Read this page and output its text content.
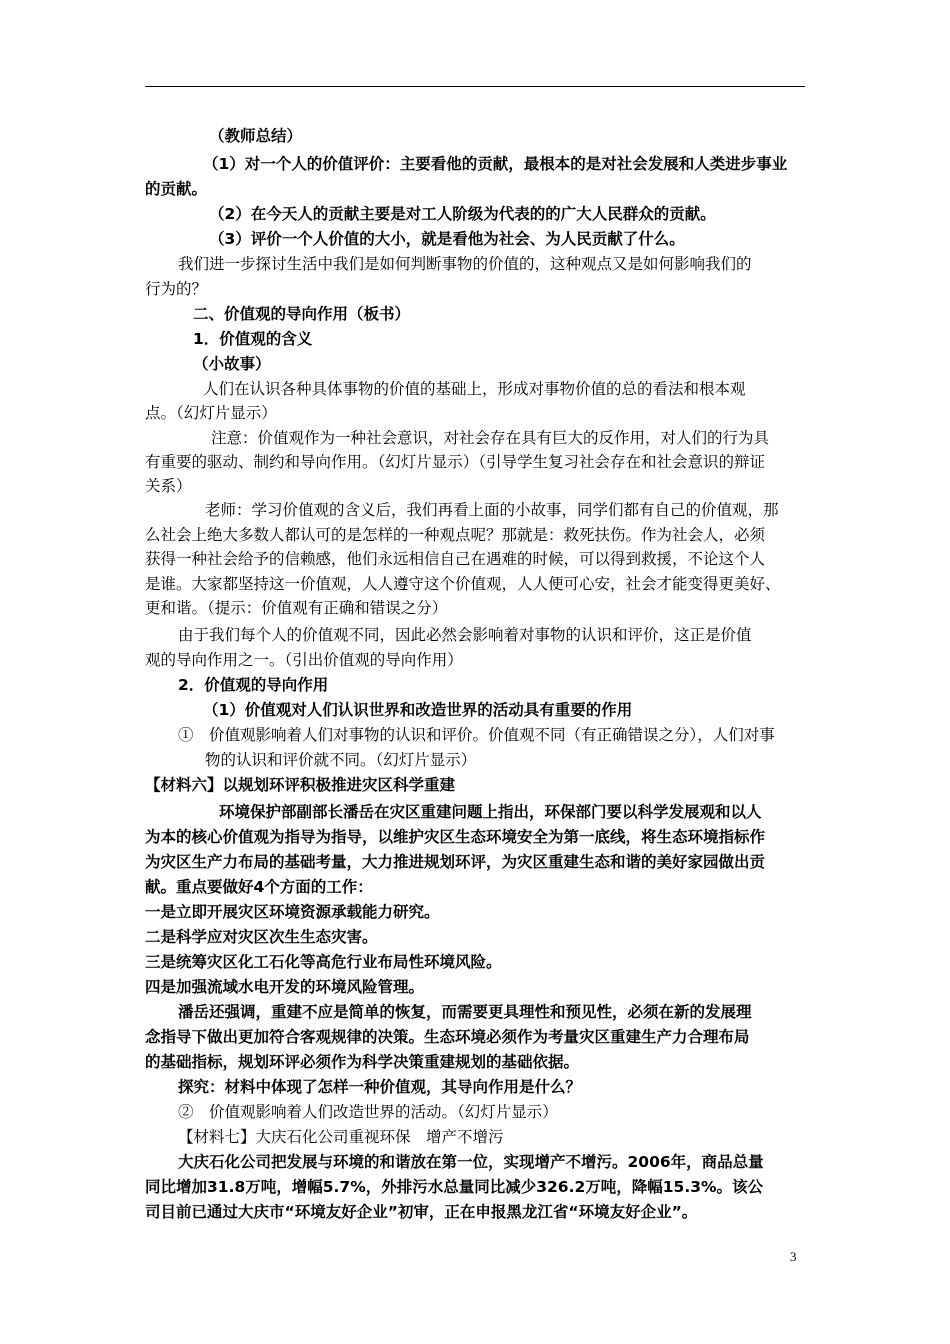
（教师总结）
（1）对一个人的价值评价：主要看他的贡献，最根本的是对社会发展和人类进步事业
的贡献。
（2）在今天人的贡献主要是对工人阶级为代表的的广大人民群众的贡献。
（3）评价一个人价值的大小，就是看他为社会、为人民贡献了什么。
我们进一步探讨生活中我们是如何判断事物的价值的，这种观点又是如何影响我们的
行为的？
二、价值观的导向作用（板书）
1．价值观的含义
（小故事）
人们在认识各种具体事物的价值的基础上，形成对事物价值的总的看法和根本观
点。（幻灯片显示）
注意：价值观作为一种社会意识，对社会存在具有巨大的反作用，对人们的行为具
有重要的驱动、制约和导向作用。（幻灯片显示）（引导学生复习社会存在和社会意识的辩证
关系）
老师：学习价值观的含义后，我们再看上面的小故事，同学们都有自己的价值观，那
么社会上绝大多数人都认可的是怎样的一种观点呢？那就是：救死扶伤。作为社会人，必须
获得一种社会给予的信赖感，他们永远相信自己在遇难的时候，可以得到救援，不论这个人
是谁。大家都坚持这一价值观，人人遵守这个价值观，人人便可心安，社会才能变得更美好、
更和谐。（提示：价值观有正确和错误之分）
由于我们每个人的价值观不同，因此必然会影响着对事物的认识和评价，这正是价值
观的导向作用之一。（引出价值观的导向作用）
2．价值观的导向作用
（1）价值观对人们认识世界和改造世界的活动具有重要的作用
①　价值观影响着人们对事物的认识和评价。价值观不同（有正确错误之分），人们对事
物的认识和评价就不同。（幻灯片显示）
【材料六】以规划环评积极推进灾区科学重建
环境保护部副部长潘岳在灾区重建问题上指出，环保部门要以科学发展观和以人
为本的核心价值观为指导为指导，以维护灾区生态环境安全为第一底线，将生态环境指标作
为灾区生产力布局的基础考量，大力推进规划环评，为灾区重建生态和谐的美好家园做出贡
献。重点要做好4个方面的工作：
一是立即开展灾区环境资源承载能力研究。
二是科学应对灾区次生生态灾害。
三是统筹灾区化工石化等高危行业布局性环境风险。
四是加强流域水电开发的环境风险管理。
潘岳还强调，重建不应是简单的恢复，而需要更具理性和预见性，必须在新的发展理
念指导下做出更加符合客观规律的决策。生态环境必须作为考量灾区重建生产力合理布局
的基础指标，规划环评必须作为科学决策重建规划的基础依据。
探究：材料中体现了怎样一种价值观，其导向作用是什么？
②　价值观影响着人们改造世界的活动。（幻灯片显示）
【材料七】大庆石化公司重视环保　增产不增污
大庆石化公司把发展与环境的和谐放在第一位，实现增产不增污。2006年，商品总量
同比增加31.8万吨，增幅5.7%，外排污水总量同比减少326.2万吨，降幅15.3%。该公
司目前已通过大庆市“环境友好企业”初审，正在申报黑龙江省“环境友好企业”。
3
